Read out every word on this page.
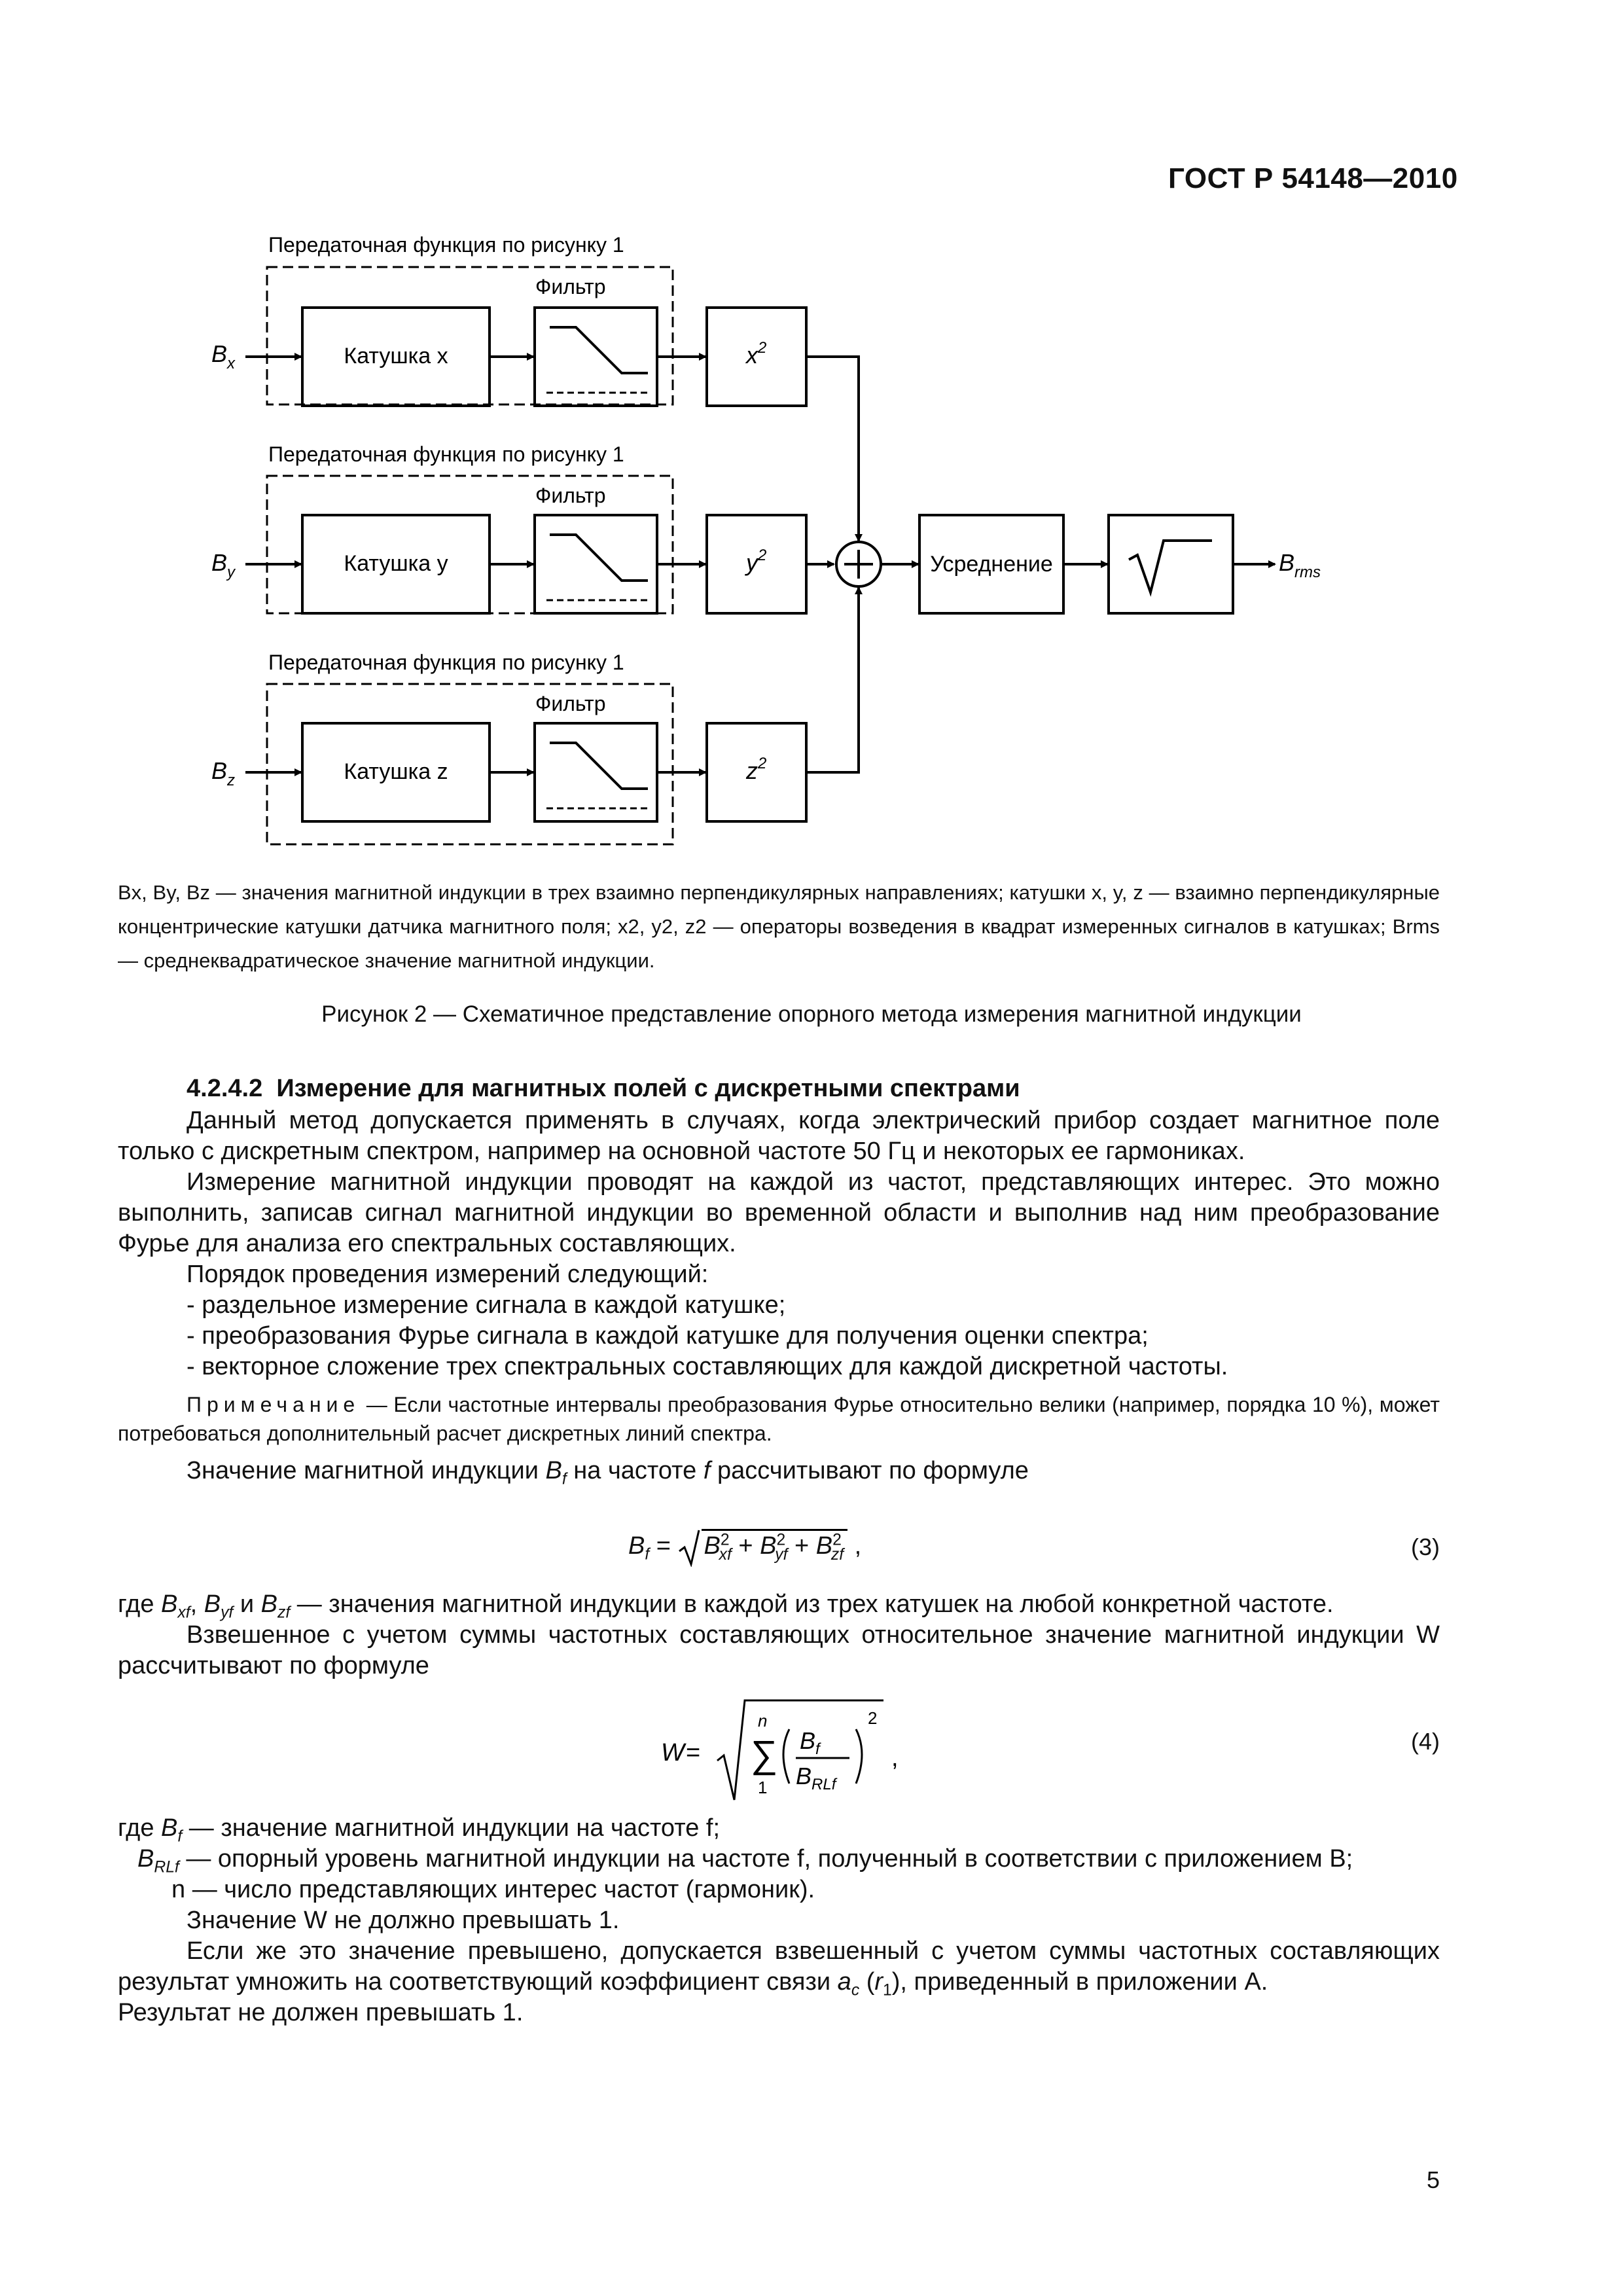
ГОСТ Р 54148—2010
Передаточная функция по рисунку 1
Фильтр
$B_x$	Катушка x	$x^2$
Передаточная функция по рисунку 1
Фильтр
$B_y$	Катушка y	$y^2$
Передаточная функция по рисунку 1
Фильтр
$B_z$	Катушка z	$z^2$
Усреднение	$B_{rms}$
Bx, By, Bz — значения магнитной индукции в трех взаимно перпендикулярных направлениях; катушки x, y, z — взаимно перпендикулярные концентрические катушки датчика магнитного поля; x2, y2, z2 — операторы возведения в квадрат измеренных сигналов в катушках; Brms — среднеквадратическое значение магнитной индукции.
Рисунок 2 — Схематичное представление опорного метода измерения магнитной индукции
4.2.4.2 Измерение для магнитных полей с дискретными спектрами

Данный метод допускается применять в случаях, когда электрический прибор создает магнитное поле только с дискретным спектром, например на основной частоте 50 Гц и некоторых ее гармониках.

Измерение магнитной индукции проводят на каждой из частот, представляющих интерес. Это можно выполнить, записав сигнал магнитной индукции во временной области и выполнив над ним преобразование Фурье для анализа его спектральных составляющих.

Порядок проведения измерений следующий:

- раздельное измерение сигнала в каждой катушке;
- преобразования Фурье сигнала в каждой катушке для получения оценки спектра;
- векторное сложение трех спектральных составляющих для каждой дискретной частоты.

Примечание — Если частотные интервалы преобразования Фурье относительно велики (например, порядка 10 %), может потребоваться дополнительный расчет дискретных линий спектра.

Значение магнитной индукции $B_f$ на частоте f рассчитывают по формуле

$B_f = B^2_{xf} + B^2_{yf} + B^2_{zf}$ ,	(3)

где $B_{xf}$, $B_{yf}$ и $B_{zf}$ — значения магнитной индукции в каждой из трех катушек на любой конкретной частоте.

Взвешенное с учетом суммы частотных составляющих относительное значение магнитной индукции W рассчитывают по формуле

W = ∑
n
1
$B_f$
$B_{RLf}$
2
,
(4)
где $B_f$ — значение магнитной индукции на частоте f;
$B_{RLf}$ — опорный уровень магнитной индукции на частоте f, полученный в соответствии с приложением В;
n — число представляющих интерес частот (гармоник).

Значение W не должно превышать 1.

Если же это значение превышено, допускается взвешенный с учетом суммы частотных составляющих результат умножить на соответствующий коэффициент связи $a_c$ $(r_1)$, приведенный в приложении А.

Результат не должен превышать 1.

5
